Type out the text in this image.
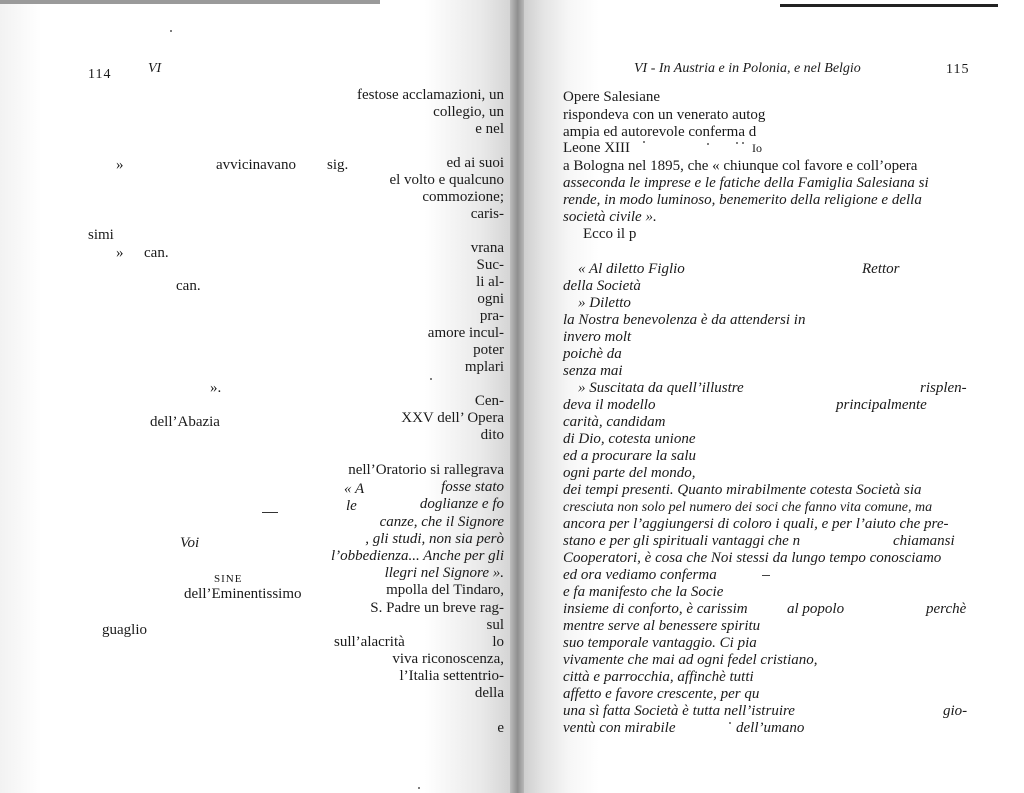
114	VI
festose acclamazioni, un
collegio, un
e nel
»	avvicinavano sig.	ed ai suoi
el volto e qualcuno
commozione;
caris-
simi
» can.	vrana
Suc-
li al-
can.
ogni
pra-
amore incul-
poter
mplari
».
Cen-
dell’Abazia	XXV dell’ Opera
dito
nell’Oratorio si rallegrava
« A	fosse stato
le	doglianze e fo
canze, che il Signore
, gli studi, non sia però
Voi
l’obbedienza... Anche per gli
llegri nel Signore ».
SINE
mpolla del Tindaro,
dell’Eminentissimo
S. Padre un breve rag-
sul
guaglio
sull’alacrità	lo
viva riconoscenza,
l’Italia settentrio-
della
e
VI - In Austria e in Polonia, e nel Belgio	115
Opere Salesiane
rispondeva con un venerato autog
ampia ed autorevole conferma d
Leone XIII	Io
a Bologna nel 1895, che « chiunque col favore e coll’opera
asseconda le imprese e le fatiche della Famiglia Salesiana si
rende, in modo luminoso, benemerito della religione e della
società civile ».
Ecco il p
« Al diletto Figlio	Rettor
della Società
» Diletto
la Nostra benevolenza è da attendersi in
invero molt
poichè da
senza mai
» Suscitata da quell’illustre	risplen-
deva il modello	principalmente
carità, candidam
di Dio, cotesta unione
ed a procurare la salu
ogni parte del mondo,
dei tempi presenti. Quanto mirabilmente cotesta Società sia
cresciuta non solo pel numero dei soci che fanno vita comune, ma
ancora per l’aggiungersi di coloro i quali, e per l’aiuto che pre-
stano e per gli spirituali vantaggi che n	chiamansi
Cooperatori, è cosa che Noi stessi da lungo tempo conosciamo
ed ora vediamo conferma
e fa manifesto che la Socie
insieme di conforto, è carissim	al popolo	perchè
mentre serve al benessere spiritu
suo temporale vantaggio. Ci pia
vivamente che mai ad ogni fedel cristiano,
città e parrocchia, affinchè tutti
affetto e favore crescente, per qu
una sì fatta Società è tutta nell’istruire	gio-
ventù con mirabile	dell’umano
